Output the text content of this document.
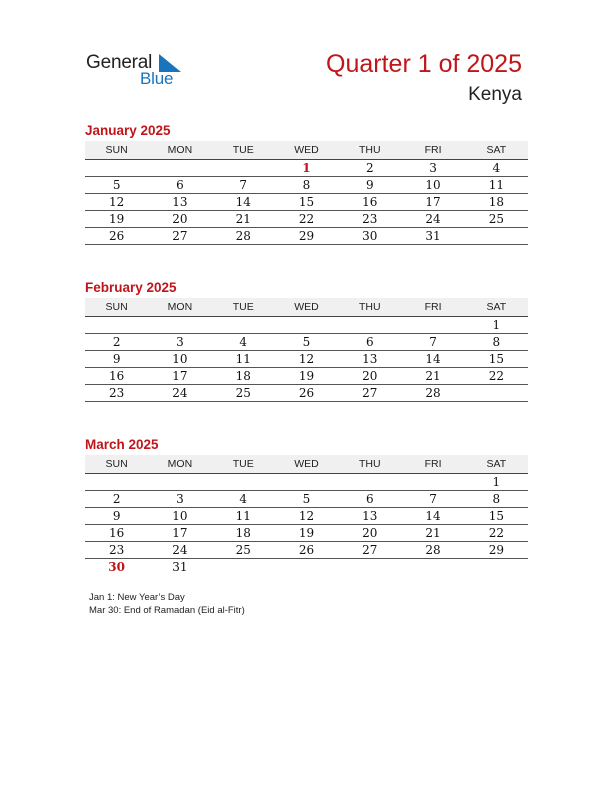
General
Blue
Quarter 1 of 2025
Kenya
January 2025
SUN	MON	TUE	WED	THU	FRI	SAT
			1	2	3	4
5	6	7	8	9	10	11
12	13	14	15	16	17	18
19	20	21	22	23	24	25
26	27	28	29	30	31	
February 2025
SUN	MON	TUE	WED	THU	FRI	SAT
						1
2	3	4	5	6	7	8
9	10	11	12	13	14	15
16	17	18	19	20	21	22
23	24	25	26	27	28	
March 2025
SUN	MON	TUE	WED	THU	FRI	SAT
						1
2	3	4	5	6	7	8
9	10	11	12	13	14	15
16	17	18	19	20	21	22
23	24	25	26	27	28	29
30	31					
Jan 1: New Year’s Day
Mar 30: End of Ramadan (Eid al-Fitr)
